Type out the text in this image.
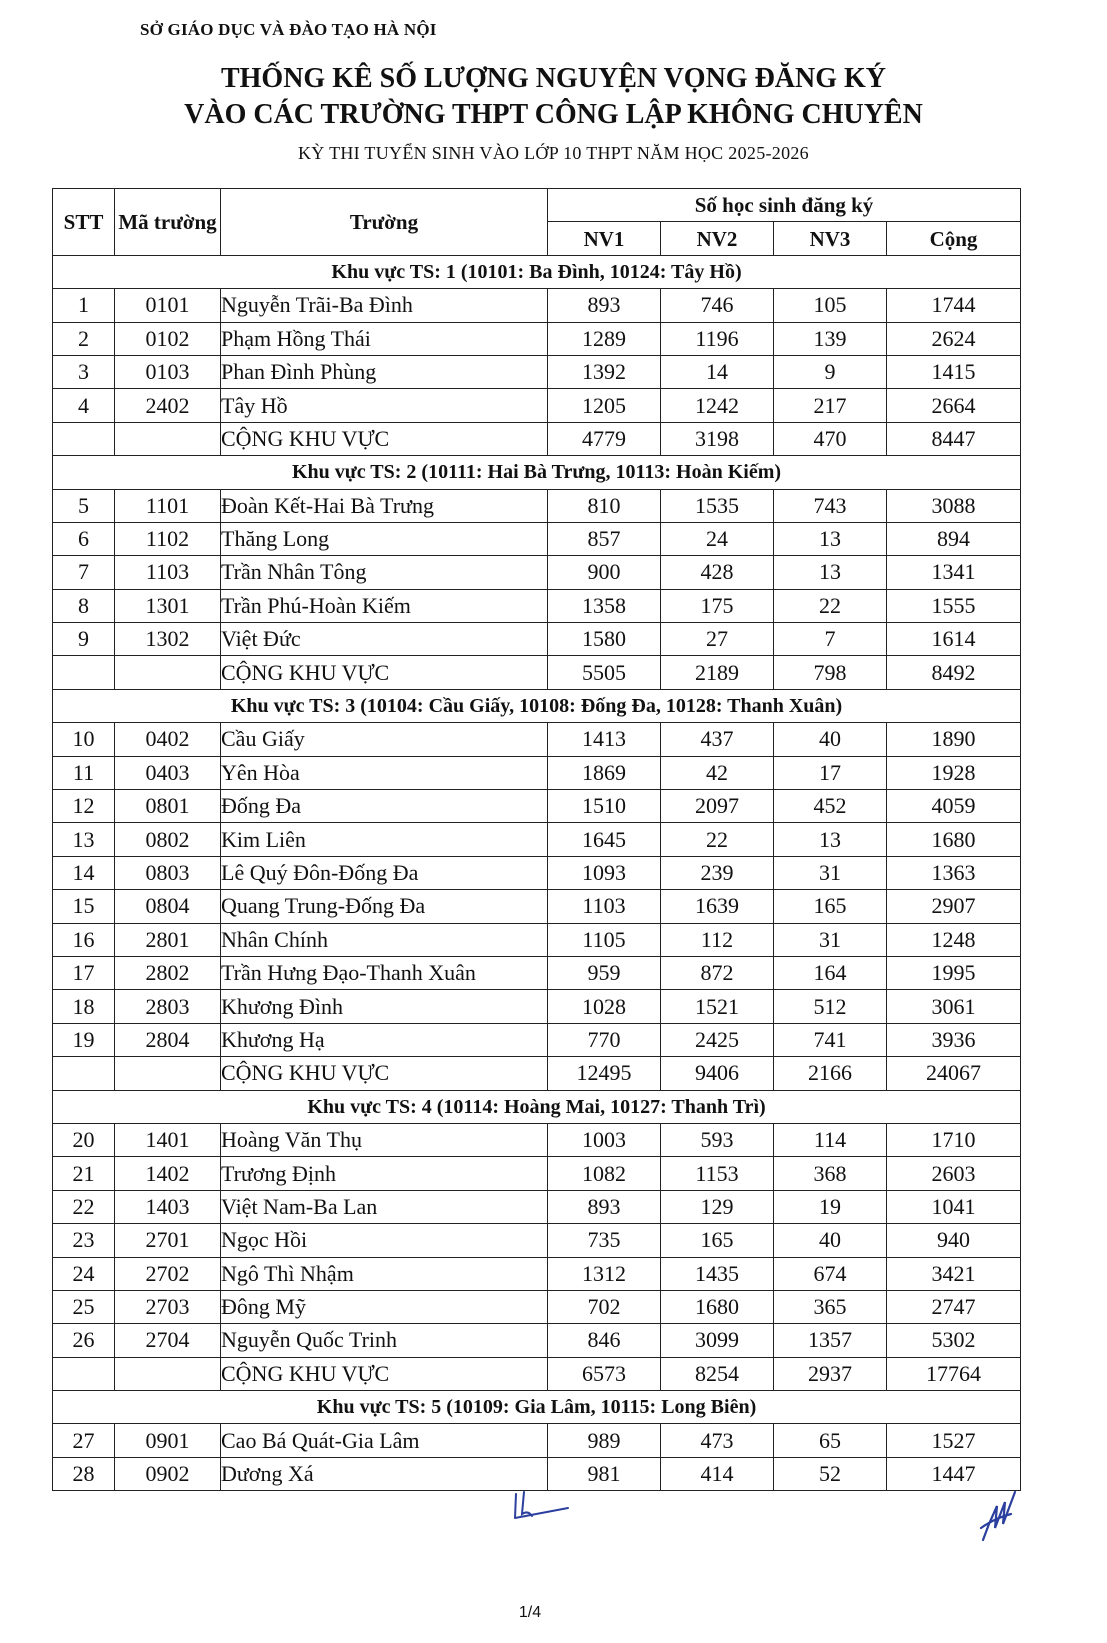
SỞ GIÁO DỤC VÀ ĐÀO TẠO HÀ NỘI
THỐNG KÊ SỐ LƯỢNG NGUYỆN VỌNG ĐĂNG KÝ
VÀO CÁC TRƯỜNG THPT CÔNG LẬP KHÔNG CHUYÊN
KỲ THI TUYỂN SINH VÀO LỚP 10 THPT NĂM HỌC 2025-2026
STT	Mã trường	Trường	Số học sinh đăng ký			
			NV1	NV2	NV3	Cộng
Khu vực TS: 1 (10101: Ba Đình, 10124: Tây Hồ)						
1	0101	Nguyễn Trãi-Ba Đình	893	746	105	1744
2	0102	Phạm Hồng Thái	1289	1196	139	2624
3	0103	Phan Đình Phùng	1392	14	9	1415
4	2402	Tây Hồ	1205	1242	217	2664
		CỘNG KHU VỰC	4779	3198	470	8447
Khu vực TS: 2 (10111: Hai Bà Trưng, 10113: Hoàn Kiếm)						
5	1101	Đoàn Kết-Hai Bà Trưng	810	1535	743	3088
6	1102	Thăng Long	857	24	13	894
7	1103	Trần Nhân Tông	900	428	13	1341
8	1301	Trần Phú-Hoàn Kiếm	1358	175	22	1555
9	1302	Việt Đức	1580	27	7	1614
		CỘNG KHU VỰC	5505	2189	798	8492
Khu vực TS: 3 (10104: Cầu Giấy, 10108: Đống Đa, 10128: Thanh Xuân)						
10	0402	Cầu Giấy	1413	437	40	1890
11	0403	Yên Hòa	1869	42	17	1928
12	0801	Đống Đa	1510	2097	452	4059
13	0802	Kim Liên	1645	22	13	1680
14	0803	Lê Quý Đôn-Đống Đa	1093	239	31	1363
15	0804	Quang Trung-Đống Đa	1103	1639	165	2907
16	2801	Nhân Chính	1105	112	31	1248
17	2802	Trần Hưng Đạo-Thanh Xuân	959	872	164	1995
18	2803	Khương Đình	1028	1521	512	3061
19	2804	Khương Hạ	770	2425	741	3936
		CỘNG KHU VỰC	12495	9406	2166	24067
Khu vực TS: 4 (10114: Hoàng Mai, 10127: Thanh Trì)						
20	1401	Hoàng Văn Thụ	1003	593	114	1710
21	1402	Trương Định	1082	1153	368	2603
22	1403	Việt Nam-Ba Lan	893	129	19	1041
23	2701	Ngọc Hồi	735	165	40	940
24	2702	Ngô Thì Nhậm	1312	1435	674	3421
25	2703	Đông Mỹ	702	1680	365	2747
26	2704	Nguyễn Quốc Trinh	846	3099	1357	5302
		CỘNG KHU VỰC	6573	8254	2937	17764
Khu vực TS: 5 (10109: Gia Lâm, 10115: Long Biên)						
27	0901	Cao Bá Quát-Gia Lâm	989	473	65	1527
28	0902	Dương Xá	981	414	52	1447
1/4
